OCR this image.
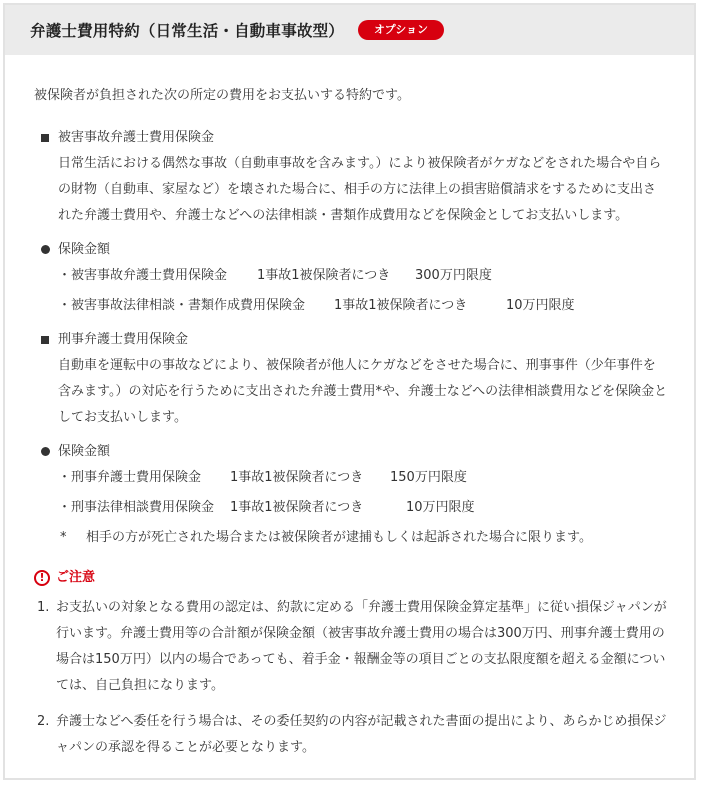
弁護士費用特約（日常生活・自動車事故型）	オプション

被保険者が負担された次の所定の費用をお支払いする特約です。

被害事故弁護士費用保険金
日常生活における偶然な事故（自動車事故を含みます。）により被保険者がケガなどをされた場合や自らの財物（自動車、家屋など）を壊された場合に、相手の方に法律上の損害賠償請求をするために支出された弁護士費用や、弁護士などへの法律相談・書類作成費用などを保険金としてお支払いします。
保険金額
・被害事故弁護士費用保険金 1事故1被保険者につき 300万円限度
・被害事故法律相談・書類作成費用保険金 1事故1被保険者につき	10万円限度
刑事弁護士費用保険金
自動車を運転中の事故などにより、被保険者が他人にケガなどをさせた場合に、刑事事件（少年事件を含みます。）の対応を行うために支出された弁護士費用*や、弁護士などへの法律相談費用などを保険金としてお支払いします。
保険金額
・刑事弁護士費用保険金 1事故1被保険者につき 150万円限度
・刑事法律相談費用保険金 1事故1被保険者につき	10万円限度
* 相手の方が死亡された場合または被保険者が逮捕もしくは起訴された場合に限ります。
! ご注意
1. お支払いの対象となる費用の認定は、約款に定める「弁護士費用保険金算定基準」に従い損保ジャパンが行います。弁護士費用等の合計額が保険金額（被害事故弁護士費用の場合は300万円、刑事弁護士費用の場合は150万円）以内の場合であっても、着手金・報酬金等の項目ごとの支払限度額を超える金額については、自己負担になります。
2. 弁護士などへ委任を行う場合は、その委任契約の内容が記載された書面の提出により、あらかじめ損保ジャパンの承認を得ることが必要となります。
